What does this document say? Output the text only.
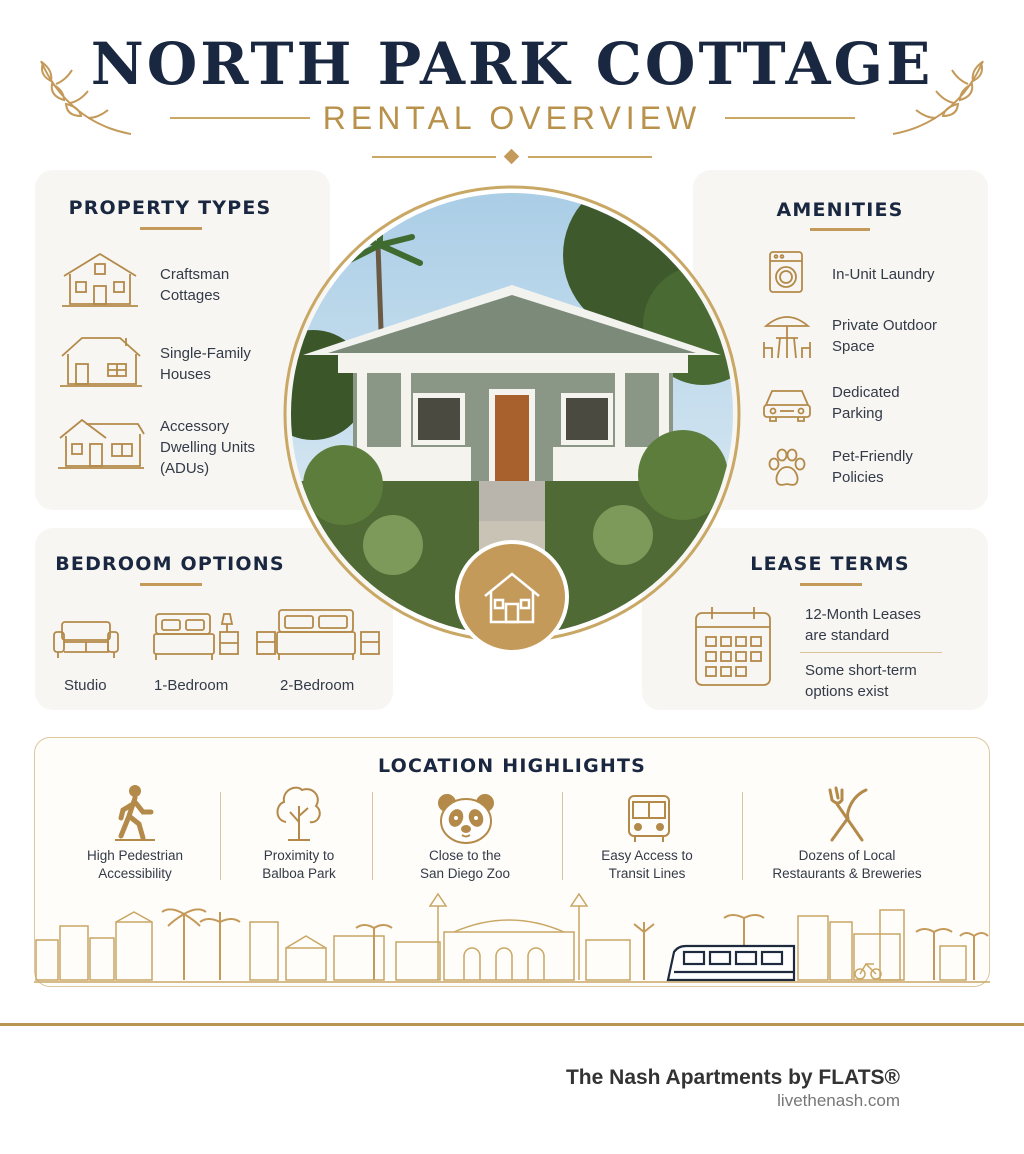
NORTH PARK COTTAGE
RENTAL OVERVIEW
PROPERTY TYPES
Craftsman
Cottages
Single-Family
Houses
Accessory
Dwelling Units
(ADUs)
AMENITIES
In-Unit Laundry
Private Outdoor
Space
Dedicated
Parking
Pet-Friendly
Policies
BEDROOM OPTIONS
Studio	1-Bedroom	2-Bedroom
LEASE TERMS
12-Month Leases
are standard
Some short-term
options exist
LOCATION HIGHLIGHTS
High Pedestrian
Accessibility
Proximity to
Balboa Park
Close to the
San Diego Zoo
Easy Access to
Transit Lines
Dozens of Local
Restaurants & Breweries
The Nash Apartments by FLATS®
livethenash.com
